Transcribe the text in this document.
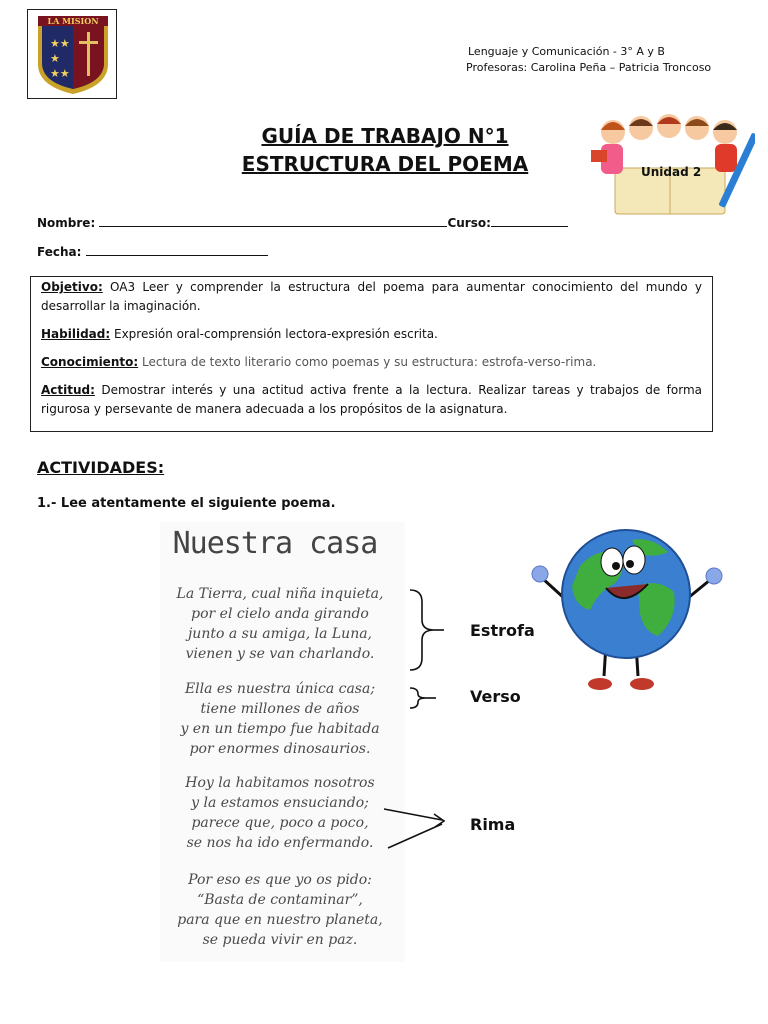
LA MISION
★★
★
★★
Lenguaje y Comunicación - 3° A y B
Profesoras: Carolina Peña – Patricia Troncoso
GUÍA DE TRABAJO N°1
ESTRUCTURA DEL POEMA	Unidad 2
Nombre:	Curso:
Fecha:

Objetivo: OA3 Leer y comprender la estructura del poema para aumentar conocimiento del mundo y desarrollar la imaginación.

Habilidad: Expresión oral-comprensión lectora-expresión escrita.

Conocimiento: Lectura de texto literario como poemas y su estructura: estrofa-verso-rima.

Actitud: Demostrar interés y una actitud activa frente a la lectura. Realizar tareas y trabajos de forma rigurosa y persevante de manera adecuada a los propósitos de la asignatura.

ACTIVIDADES:
1.- Lee atentamente el siguiente poema.
Nuestra casa
La Tierra, cual niña inquieta,
por el cielo anda girando
junto a su amiga, la Luna,
vienen y se van charlando.
Ella es nuestra única casa;
tiene millones de años
y en un tiempo fue habitada
por enormes dinosaurios.
Hoy la habitamos nosotros
y la estamos ensuciando;
parece que, poco a poco,
se nos ha ido enfermando.
Por eso es que yo os pido:
“Basta de contaminar”,
para que en nuestro planeta,
se pueda vivir en paz.
Estrofa
Verso
Rima
